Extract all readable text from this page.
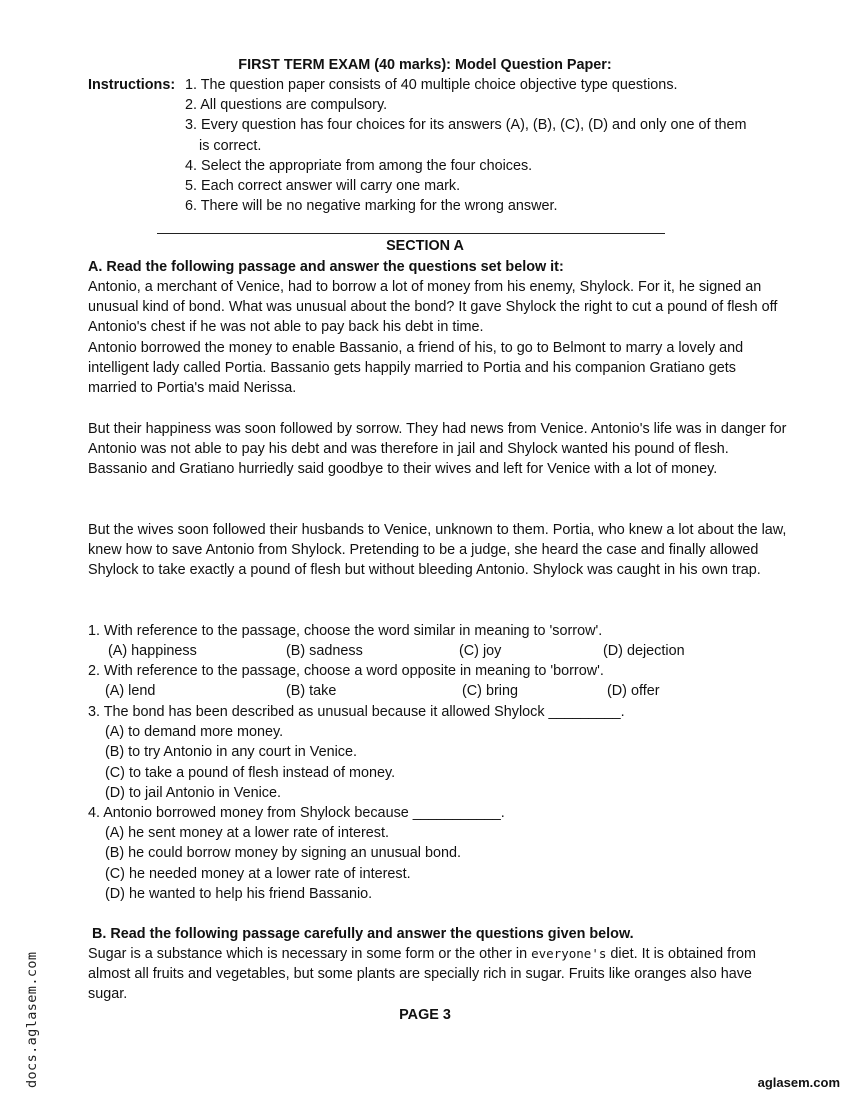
FIRST TERM EXAM (40 marks): Model Question Paper:
Instructions: 1. The question paper consists of 40 multiple choice objective type questions.
2. All questions are compulsory.
3. Every question has four choices for its answers (A), (B), (C), (D) and only one of them
is correct.
4. Select the appropriate from among the four choices.
5. Each correct answer will carry one mark.
6. There will be no negative marking for the wrong answer.
SECTION A
A. Read the following passage and answer the questions set below it:
Antonio, a merchant of Venice, had to borrow a lot of money from his enemy, Shylock. For it, he signed an unusual kind of bond. What was unusual about the bond? It gave Shylock the right to cut a pound of flesh off Antonio's chest if he was not able to pay back his debt in time.
Antonio borrowed the money to enable Bassanio, a friend of his, to go to Belmont to marry a lovely and intelligent lady called Portia. Bassanio gets happily married to Portia and his companion Gratiano gets married to Portia's maid Nerissa.
But their happiness was soon followed by sorrow. They had news from Venice. Antonio's life was in danger for Antonio was not able to pay his debt and was therefore in jail and Shylock wanted his pound of flesh. Bassanio and Gratiano hurriedly said goodbye to their wives and left for Venice with a lot of money.
But the wives soon followed their husbands to Venice, unknown to them. Portia, who knew a lot about the law, knew how to save Antonio from Shylock. Pretending to be a judge, she heard the case and finally allowed Shylock to take exactly a pound of flesh but without bleeding Antonio. Shylock was caught in his own trap.
1. With reference to the passage, choose the word similar in meaning to 'sorrow'.
(A) happiness	(B) sadness	(C) joy	(D) dejection
2. With reference to the passage, choose a word opposite in meaning to 'borrow'.
(A) lend	(B) take	(C) bring	(D) offer
3. The bond has been described as unusual because it allowed Shylock _________.
(A) to demand more money.
(B) to try Antonio in any court in Venice.
(C) to take a pound of flesh instead of money.
(D) to jail Antonio in Venice.
4. Antonio borrowed money from Shylock because ___________.
(A) he sent money at a lower rate of interest.
(B) he could borrow money by signing an unusual bond.
(C) he needed money at a lower rate of interest.
(D) he wanted to help his friend Bassanio.
B. Read the following passage carefully and answer the questions given below.
Sugar is a substance which is necessary in some form or the other in everyone's diet. It is obtained from almost all fruits and vegetables, but some plants are specially rich in sugar. Fruits like oranges also have sugar.
PAGE 3
docs.aglasem.com	aglasem.com
